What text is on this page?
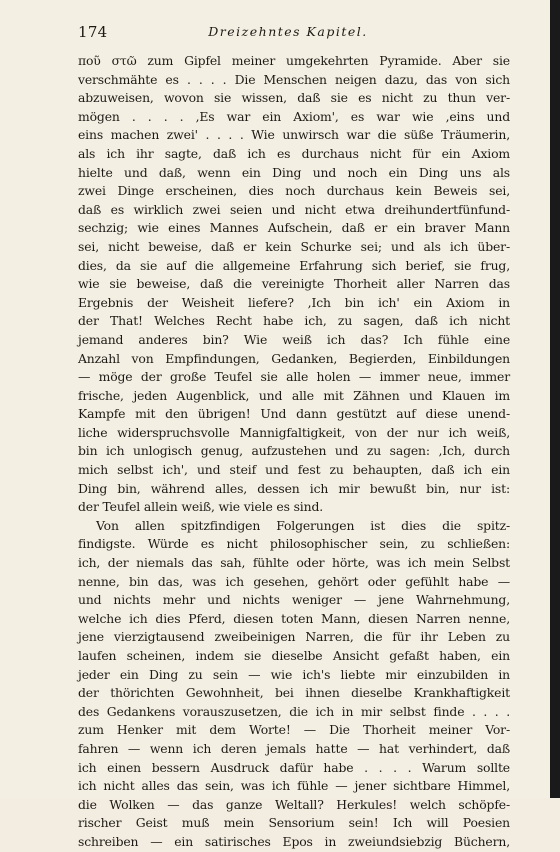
174	Dreizehntes Kapitel.
ποῦ στῶ zum Gipfel meiner umgekehrten Pyramide. Aber sie
verschmähte es . . . . Die Menschen neigen dazu, das von sich
abzuweisen, wovon sie wissen, daß sie es nicht zu thun ver-
mögen . . . . ,Es war ein Axiom', es war wie ,eins und
eins machen zwei' . . . . Wie unwirsch war die süße Träumerin,
als ich ihr sagte, daß ich es durchaus nicht für ein Axiom
hielte und daß, wenn ein Ding und noch ein Ding uns als
zwei Dinge erscheinen, dies noch durchaus kein Beweis sei,
daß es wirklich zwei seien und nicht etwa dreihundertfünfund-
sechzig; wie eines Mannes Aufschein, daß er ein braver Mann
sei, nicht beweise, daß er kein Schurke sei; und als ich über-
dies, da sie auf die allgemeine Erfahrung sich berief, sie frug,
wie sie beweise, daß die vereinigte Thorheit aller Narren das
Ergebnis der Weisheit liefere? ,Ich bin ich' ein Axiom in
der That! Welches Recht habe ich, zu sagen, daß ich nicht
jemand anderes bin? Wie weiß ich das? Ich fühle eine
Anzahl von Empfindungen, Gedanken, Begierden, Einbildungen
— möge der große Teufel sie alle holen — immer neue, immer
frische, jeden Augenblick, und alle mit Zähnen und Klauen im
Kampfe mit den übrigen! Und dann gestützt auf diese unend-
liche widerspruchsvolle Mannigfaltigkeit, von der nur ich weiß,
bin ich unlogisch genug, aufzustehen und zu sagen: ,Ich, durch
mich selbst ich', und steif und fest zu behaupten, daß ich ein
Ding bin, während alles, dessen ich mir bewußt bin, nur ist:
der Teufel allein weiß, wie viele es sind.
Von allen spitzfindigen Folgerungen ist dies die spitz-
findigste. Würde es nicht philosophischer sein, zu schließen:
ich, der niemals das sah, fühlte oder hörte, was ich mein Selbst
nenne, bin das, was ich gesehen, gehört oder gefühlt habe —
und nichts mehr und nichts weniger — jene Wahrnehmung,
welche ich dies Pferd, diesen toten Mann, diesen Narren nenne,
jene vierzigtausend zweibeinigen Narren, die für ihr Leben zu
laufen scheinen, indem sie dieselbe Ansicht gefaßt haben, ein
jeder ein Ding zu sein — wie ich's liebte mir einzubilden in
der thörichten Gewohnheit, bei ihnen dieselbe Krankhaftigkeit
des Gedankens vorauszusetzen, die ich in mir selbst finde . . . .
zum Henker mit dem Worte! — Die Thorheit meiner Vor-
fahren — wenn ich deren jemals hatte — hat verhindert, daß
ich einen bessern Ausdruck dafür habe . . . . Warum sollte
ich nicht alles das sein, was ich fühle — jener sichtbare Himmel,
die Wolken — das ganze Weltall? Herkules! welch schöpfe-
rischer Geist muß mein Sensorium sein! Ich will Poesien
schreiben — ein satirisches Epos in zweiundsiebzig Büchern,
